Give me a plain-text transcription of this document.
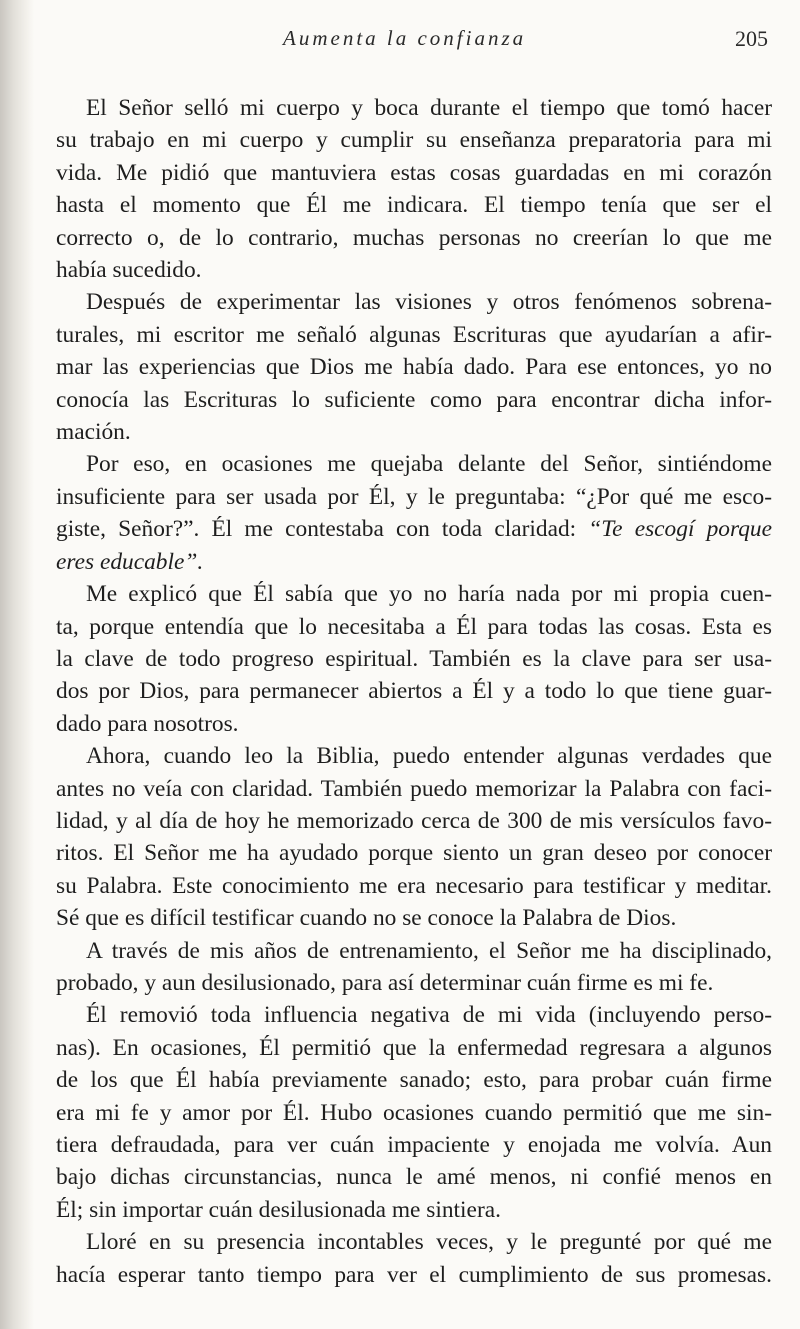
Aumenta la confianza	205

El Señor selló mi cuerpo y boca durante el tiempo que tomó hacer
su trabajo en mi cuerpo y cumplir su enseñanza preparatoria para mi
vida. Me pidió que mantuviera estas cosas guardadas en mi corazón
hasta el momento que Él me indicara. El tiempo tenía que ser el
correcto o, de lo contrario, muchas personas no creerían lo que me
había sucedido.

Después de experimentar las visiones y otros fenómenos sobrena-
turales, mi escritor me señaló algunas Escrituras que ayudarían a afir-
mar las experiencias que Dios me había dado. Para ese entonces, yo no
conocía las Escrituras lo suficiente como para encontrar dicha infor-
mación.

Por eso, en ocasiones me quejaba delante del Señor, sintiéndome
insuficiente para ser usada por Él, y le preguntaba: “¿Por qué me esco-
giste, Señor?”. Él me contestaba con toda claridad: “Te escogí porque
eres educable”.

Me explicó que Él sabía que yo no haría nada por mi propia cuen-
ta, porque entendía que lo necesitaba a Él para todas las cosas. Esta es
la clave de todo progreso espiritual. También es la clave para ser usa-
dos por Dios, para permanecer abiertos a Él y a todo lo que tiene guar-
dado para nosotros.

Ahora, cuando leo la Biblia, puedo entender algunas verdades que
antes no veía con claridad. También puedo memorizar la Palabra con faci-
lidad, y al día de hoy he memorizado cerca de 300 de mis versículos favo-
ritos. El Señor me ha ayudado porque siento un gran deseo por conocer
su Palabra. Este conocimiento me era necesario para testificar y meditar.
Sé que es difícil testificar cuando no se conoce la Palabra de Dios.

A través de mis años de entrenamiento, el Señor me ha disciplinado,
probado, y aun desilusionado, para así determinar cuán firme es mi fe.

Él removió toda influencia negativa de mi vida (incluyendo perso-
nas). En ocasiones, Él permitió que la enfermedad regresara a algunos
de los que Él había previamente sanado; esto, para probar cuán firme
era mi fe y amor por Él. Hubo ocasiones cuando permitió que me sin-
tiera defraudada, para ver cuán impaciente y enojada me volvía. Aun
bajo dichas circunstancias, nunca le amé menos, ni confié menos en
Él; sin importar cuán desilusionada me sintiera.

Lloré en su presencia incontables veces, y le pregunté por qué me
hacía esperar tanto tiempo para ver el cumplimiento de sus promesas.
